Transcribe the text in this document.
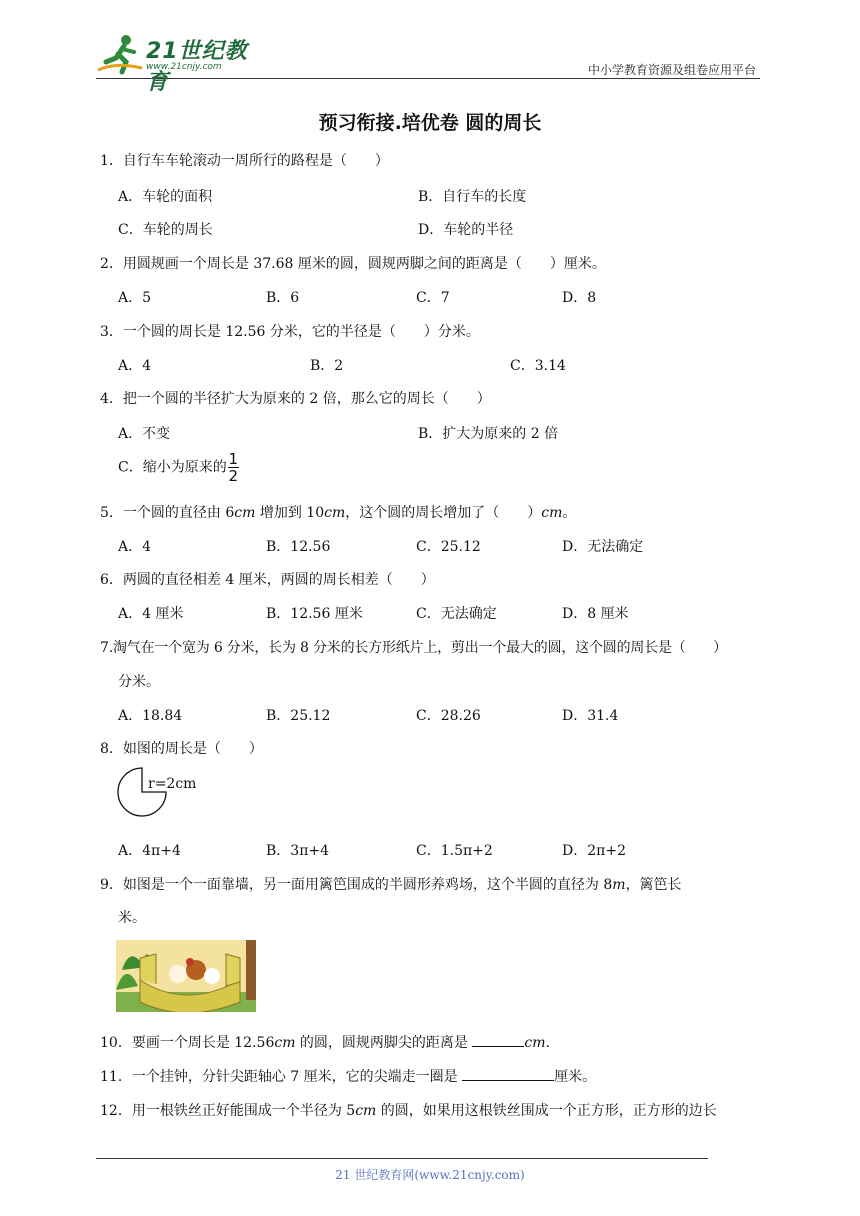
21世纪教育
www.21cnjy.com	中小学教育资源及组卷应用平台
预习衔接.培优卷 圆的周长
1．自行车车轮滚动一周所行的路程是（　　）
A．车轮的面积	B．自行车的长度
C．车轮的周长	D．车轮的半径
2．用圆规画一个周长是 37.68 厘米的圆，圆规两脚之间的距离是（　　）厘米。
A．5	B．6	C．7	D．8
3．一个圆的周长是 12.56 分米，它的半径是（　　）分米。
A．4	B．2	C．3.14
4．把一个圆的半径扩大为原来的 2 倍，那么它的周长（　　）
A．不变	B．扩大为原来的 2 倍
C．缩小为原来的$\frac{1}{2}$
5．一个圆的直径由 6cm 增加到 10cm，这个圆的周长增加了（　　）cm。
A．4	B．12.56	C．25.12	D．无法确定
6．两圆的直径相差 4 厘米，两圆的周长相差（　　）
A．4 厘米	B．12.56 厘米	C．无法确定	D．8 厘米
7.淘气在一个宽为 6 分米，长为 8 分米的长方形纸片上，剪出一个最大的圆，这个圆的周长是（　　）
分米。
A．18.84	B．25.12	C．28.26	D．31.4
8．如图的周长是（　　）
r=2cm
A．4π+4	B．3π+4	C．1.5π+2	D．2π+2
9．如图是一个一面靠墙，另一面用篱笆围成的半圆形养鸡场，这个半圆的直径为 8m，篱笆长
米。
10．要画一个周长是 12.56cm 的圆，圆规两脚尖的距离是	cm.
11．一个挂钟，分针尖距轴心 7 厘米，它的尖端走一圈是	厘米。
12．用一根铁丝正好能围成一个半径为 5cm 的圆，如果用这根铁丝围成一个正方形，正方形的边长
21 世纪教育网(www.21cnjy.com)
